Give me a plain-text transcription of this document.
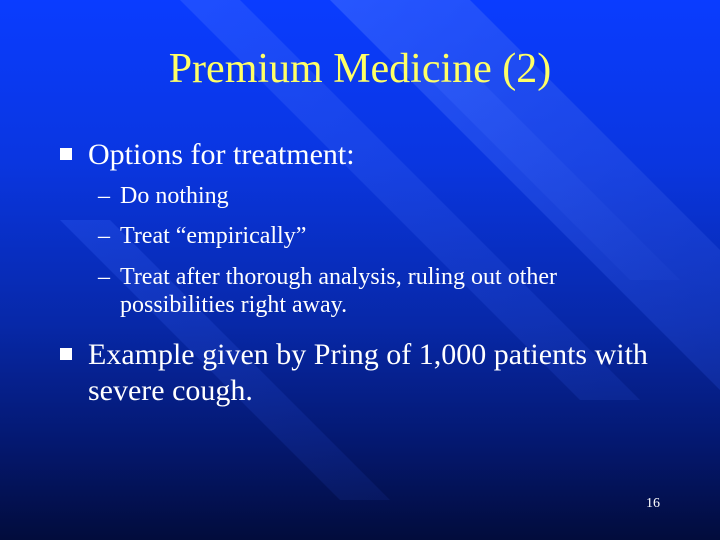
Premium Medicine (2)
Options for treatment:
– Do nothing
– Treat “empirically”
– Treat after thorough analysis, ruling out other possibilities right away.
Example given by Pring of 1,000 patients with severe cough.
16
